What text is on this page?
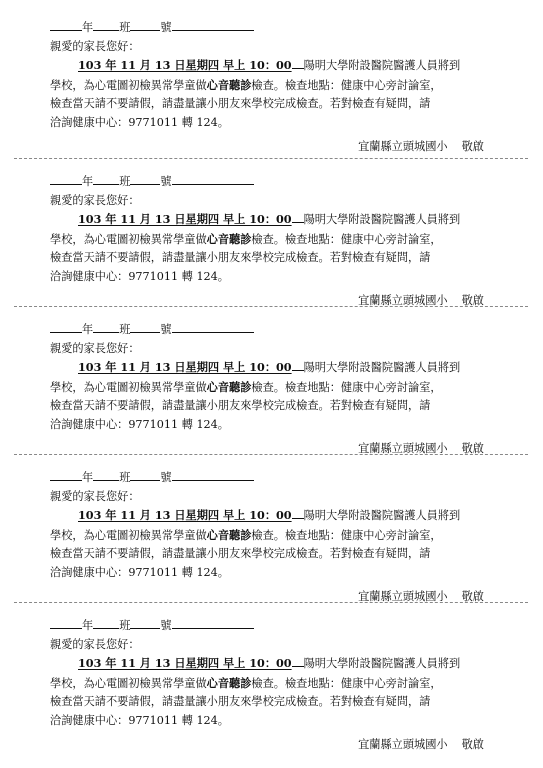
年 班	號
親愛的家長您好：
103 年 11 月 13 日星期四 早上 10：00 陽明大學附設醫院醫護人員將到
學校，為心電圖初檢異常學童做心音聽診檢查。檢查地點：健康中心旁討論室，
檢查當天請不要請假，請盡量讓小朋友來學校完成檢查。若對檢查有疑問，請
洽詢健康中心：9771011 轉 124。
宜蘭縣立頭城國小 敬啟
年 班	號
親愛的家長您好：
103 年 11 月 13 日星期四 早上 10：00 陽明大學附設醫院醫護人員將到
學校，為心電圖初檢異常學童做心音聽診檢查。檢查地點：健康中心旁討論室，
檢查當天請不要請假，請盡量讓小朋友來學校完成檢查。若對檢查有疑問，請
洽詢健康中心：9771011 轉 124。
宜蘭縣立頭城國小 敬啟
年 班	號
親愛的家長您好：
103 年 11 月 13 日星期四 早上 10：00 陽明大學附設醫院醫護人員將到
學校，為心電圖初檢異常學童做心音聽診檢查。檢查地點：健康中心旁討論室，
檢查當天請不要請假，請盡量讓小朋友來學校完成檢查。若對檢查有疑問，請
洽詢健康中心：9771011 轉 124。
宜蘭縣立頭城國小 敬啟
年 班	號
親愛的家長您好：
103 年 11 月 13 日星期四 早上 10：00 陽明大學附設醫院醫護人員將到
學校，為心電圖初檢異常學童做心音聽診檢查。檢查地點：健康中心旁討論室，
檢查當天請不要請假，請盡量讓小朋友來學校完成檢查。若對檢查有疑問，請
洽詢健康中心：9771011 轉 124。
宜蘭縣立頭城國小 敬啟
年 班	號
親愛的家長您好：
103 年 11 月 13 日星期四 早上 10：00 陽明大學附設醫院醫護人員將到
學校，為心電圖初檢異常學童做心音聽診檢查。檢查地點：健康中心旁討論室，
檢查當天請不要請假，請盡量讓小朋友來學校完成檢查。若對檢查有疑問，請
洽詢健康中心：9771011 轉 124。
宜蘭縣立頭城國小 敬啟
